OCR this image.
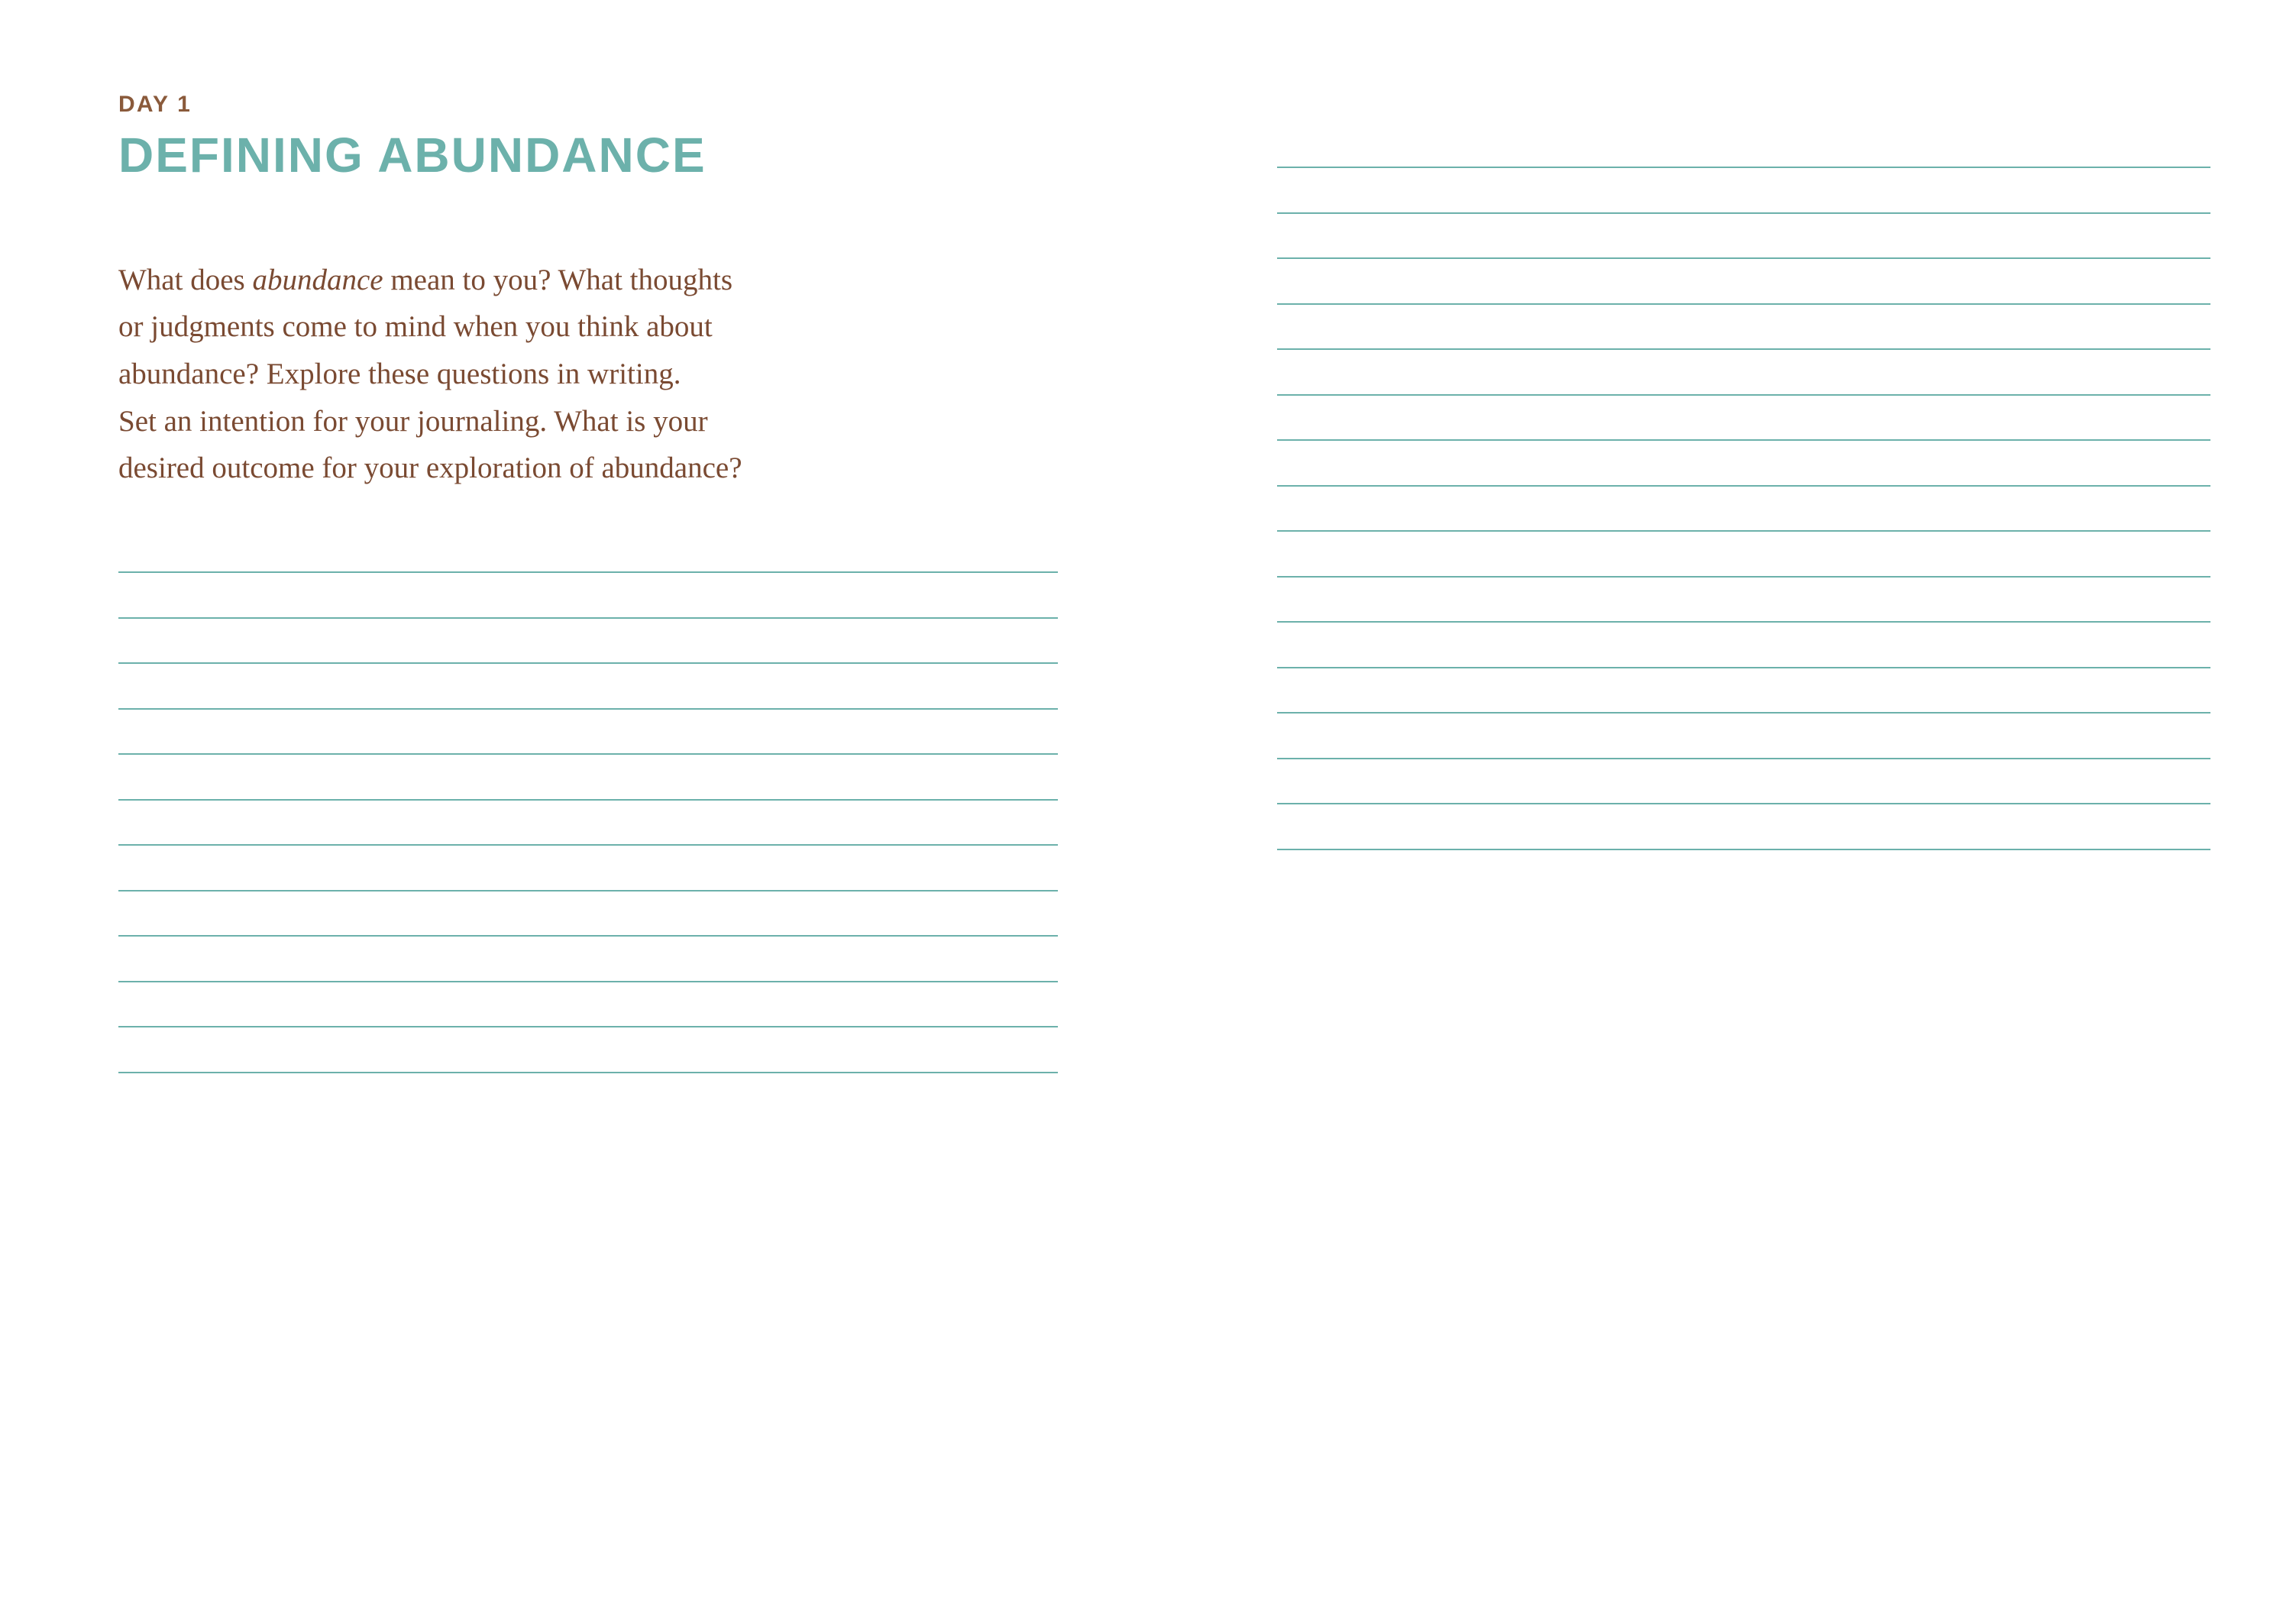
DAY 1
DEFINING ABUNDANCE

What does abundance mean to you? What thoughts

or judgments come to mind when you think about

abundance? Explore these questions in writing.

Set an intention for your journaling. What is your

desired outcome for your exploration of abundance?
